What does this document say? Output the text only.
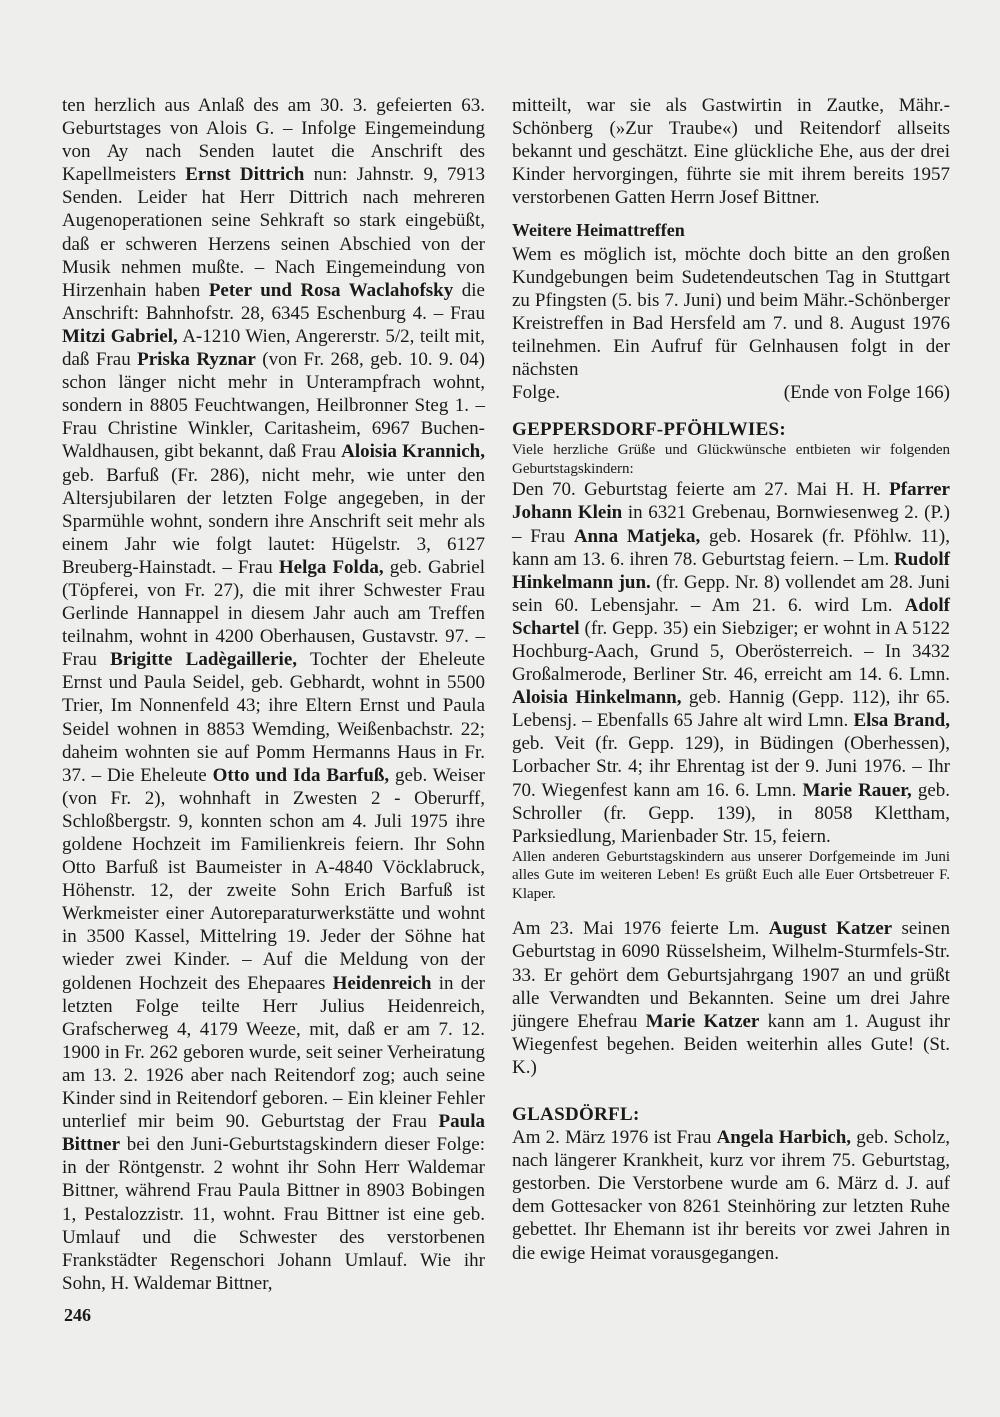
ten herzlich aus Anlaß des am 30. 3. gefeierten 63. Geburtstages von Alois G. – Infolge Eingemeindung von Ay nach Senden lautet die Anschrift des Kapellmeisters Ernst Dittrich nun: Jahnstr. 9, 7913 Senden. Leider hat Herr Dittrich nach mehreren Augenoperationen seine Sehkraft so stark eingebüßt, daß er schweren Herzens seinen Abschied von der Musik nehmen mußte. – Nach Eingemeindung von Hirzenhain haben Peter und Rosa Waclahofsky die Anschrift: Bahnhofstr. 28, 6345 Eschenburg 4. – Frau Mitzi Gabriel, A-1210 Wien, Angererstr. 5/2, teilt mit, daß Frau Priska Ryznar (von Fr. 268, geb. 10. 9. 04) schon länger nicht mehr in Unterampfrach wohnt, sondern in 8805 Feuchtwangen, Heilbronner Steg 1. – Frau Christine Winkler, Caritasheim, 6967 Buchen-Waldhausen, gibt bekannt, daß Frau Aloisia Krannich, geb. Barfuß (Fr. 286), nicht mehr, wie unter den Altersjubilaren der letzten Folge angegeben, in der Sparmühle wohnt, sondern ihre Anschrift seit mehr als einem Jahr wie folgt lautet: Hügelstr. 3, 6127 Breuberg-Hainstadt. – Frau Helga Folda, geb. Gabriel (Töpferei, von Fr. 27), die mit ihrer Schwester Frau Gerlinde Hannappel in diesem Jahr auch am Treffen teilnahm, wohnt in 4200 Oberhausen, Gustavstr. 97. – Frau Brigitte Ladègaillerie, Tochter der Eheleute Ernst und Paula Seidel, geb. Gebhardt, wohnt in 5500 Trier, Im Nonnenfeld 43; ihre Eltern Ernst und Paula Seidel wohnen in 8853 Wemding, Weißenbachstr. 22; daheim wohnten sie auf Pomm Hermanns Haus in Fr. 37. – Die Eheleute Otto und Ida Barfuß, geb. Weiser (von Fr. 2), wohnhaft in Zwesten 2 - Oberurff, Schloßbergstr. 9, konnten schon am 4. Juli 1975 ihre goldene Hochzeit im Familienkreis feiern. Ihr Sohn Otto Barfuß ist Baumeister in A-4840 Vöcklabruck, Höhenstr. 12, der zweite Sohn Erich Barfuß ist Werkmeister einer Autoreparaturwerkstätte und wohnt in 3500 Kassel, Mittelring 19. Jeder der Söhne hat wieder zwei Kinder. – Auf die Meldung von der goldenen Hochzeit des Ehepaares Heidenreich in der letzten Folge teilte Herr Julius Heidenreich, Grafscherweg 4, 4179 Weeze, mit, daß er am 7. 12. 1900 in Fr. 262 geboren wurde, seit seiner Verheiratung am 13. 2. 1926 aber nach Reitendorf zog; auch seine Kinder sind in Reitendorf geboren. – Ein kleiner Fehler unterlief mir beim 90. Geburtstag der Frau Paula Bittner bei den Juni-Geburtstagskindern dieser Folge: in der Röntgenstr. 2 wohnt ihr Sohn Herr Waldemar Bittner, während Frau Paula Bittner in 8903 Bobingen 1, Pestalozzistr. 11, wohnt. Frau Bittner ist eine geb. Umlauf und die Schwester des verstorbenen Frankstädter Regenschori Johann Umlauf. Wie ihr Sohn, H. Waldemar Bittner,

mitteilt, war sie als Gastwirtin in Zautke, Mähr.-Schönberg (»Zur Traube«) und Reitendorf allseits bekannt und geschätzt. Eine glückliche Ehe, aus der drei Kinder hervorgingen, führte sie mit ihrem bereits 1957 verstorbenen Gatten Herrn Josef Bittner.

Weitere Heimattreffen

Wem es möglich ist, möchte doch bitte an den großen Kundgebungen beim Sudetendeutschen Tag in Stuttgart zu Pfingsten (5. bis 7. Juni) und beim Mähr.-Schönberger Kreistreffen in Bad Hersfeld am 7. und 8. August 1976 teilnehmen. Ein Aufruf für Gelnhausen folgt in der nächsten

Folge.	(Ende von Folge 166)

GEPPERSDORF-PFÖHLWIES:

Viele herzliche Grüße und Glückwünsche entbieten wir folgenden Geburtstagskindern:

Den 70. Geburtstag feierte am 27. Mai H. H. Pfarrer Johann Klein in 6321 Grebenau, Bornwiesenweg 2. (P.) – Frau Anna Matjeka, geb. Hosarek (fr. Pföhlw. 11), kann am 13. 6. ihren 78. Geburtstag feiern. – Lm. Rudolf Hinkelmann jun. (fr. Gepp. Nr. 8) vollendet am 28. Juni sein 60. Lebensjahr. – Am 21. 6. wird Lm. Adolf Schartel (fr. Gepp. 35) ein Siebziger; er wohnt in A 5122 Hochburg-Aach, Grund 5, Oberösterreich. – In 3432 Großalmerode, Berliner Str. 46, erreicht am 14. 6. Lmn. Aloisia Hinkelmann, geb. Hannig (Gepp. 112), ihr 65. Lebensj. – Ebenfalls 65 Jahre alt wird Lmn. Elsa Brand, geb. Veit (fr. Gepp. 129), in Büdingen (Oberhessen), Lorbacher Str. 4; ihr Ehrentag ist der 9. Juni 1976. – Ihr 70. Wiegenfest kann am 16. 6. Lmn. Marie Rauer, geb. Schroller (fr. Gepp. 139), in 8058 Klettham, Parksiedlung, Marienbader Str. 15, feiern.

Allen anderen Geburtstagskindern aus unserer Dorfgemeinde im Juni alles Gute im weiteren Leben! Es grüßt Euch alle Euer Ortsbetreuer F. Klaper.

Am 23. Mai 1976 feierte Lm. August Katzer seinen Geburtstag in 6090 Rüsselsheim, Wilhelm-Sturmfels-Str. 33. Er gehört dem Geburtsjahrgang 1907 an und grüßt alle Verwandten und Bekannten. Seine um drei Jahre jüngere Ehefrau Marie Katzer kann am 1. August ihr Wiegenfest begehen. Beiden weiterhin alles Gute! (St. K.)

GLASDÖRFL:

Am 2. März 1976 ist Frau Angela Harbich, geb. Scholz, nach längerer Krankheit, kurz vor ihrem 75. Geburtstag, gestorben. Die Verstorbene wurde am 6. März d. J. auf dem Gottesacker von 8261 Steinhöring zur letzten Ruhe gebettet. Ihr Ehemann ist ihr bereits vor zwei Jahren in die ewige Heimat vorausgegangen.

246
